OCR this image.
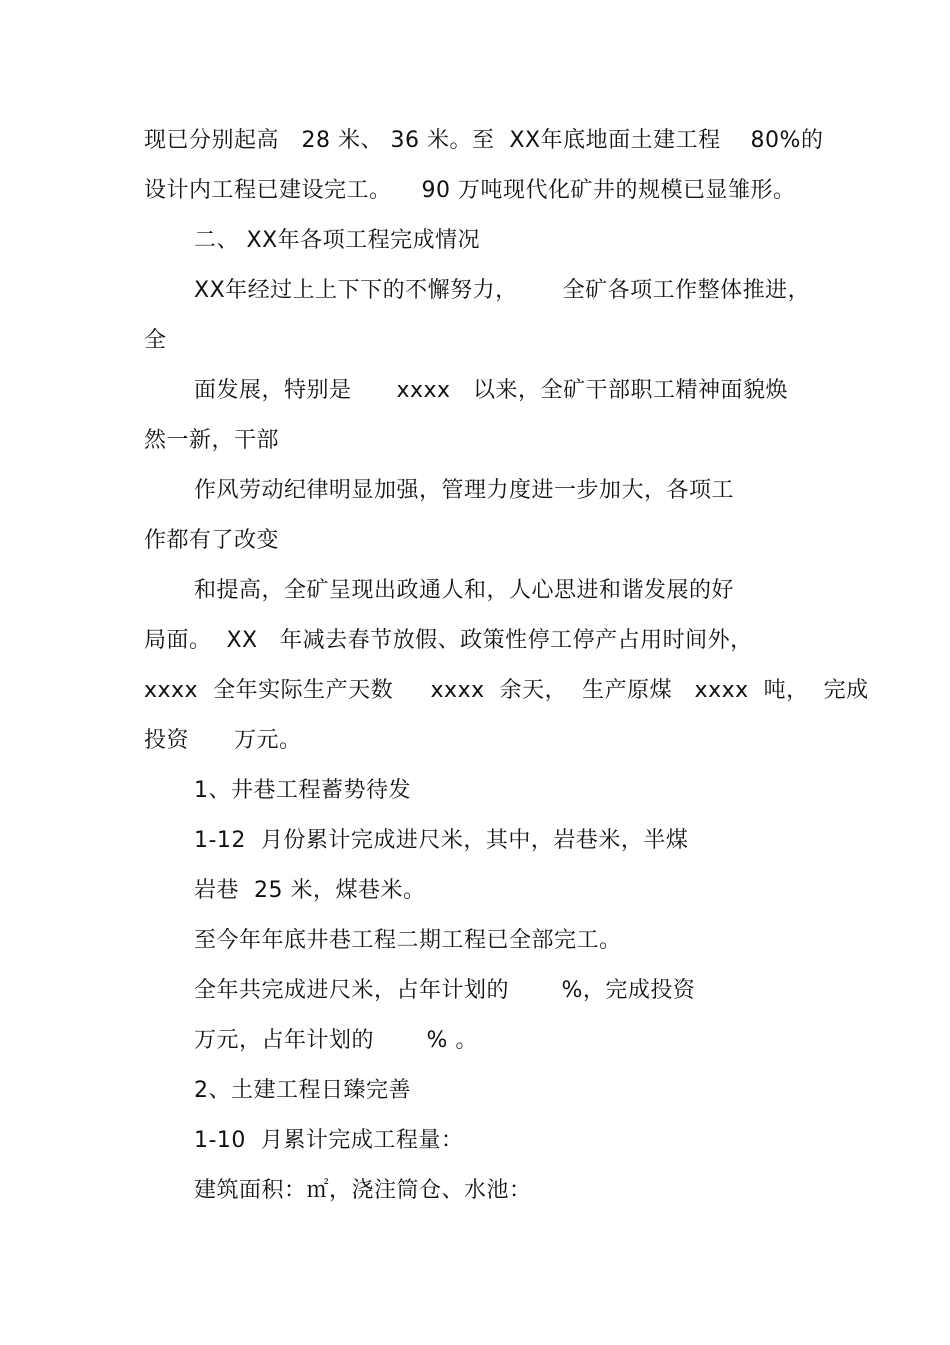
现已分别起高   28 米、 36 米。至  XX年底地面土建工程    80%的
设计内工程已建设完工。    90 万吨现代化矿井的规模已显雏形。
二、 XX年各项工程完成情况
XX年经过上上下下的不懈努力，      全矿各项工作整体推进，
全
面发展，特别是      xxxx   以来，全矿干部职工精神面貌焕
然一新，干部
作风劳动纪律明显加强，管理力度进一步加大，各项工
作都有了改变
和提高，全矿呈现出政通人和，人心思进和谐发展的好
局面。  XX   年减去春节放假、政策性停工停产占用时间外，
xxxx  全年实际生产天数     xxxx  余天，  生产原煤   xxxx  吨，  完成
投资      万元。
1、井巷工程蓄势待发
1-12  月份累计完成进尺米，其中，岩巷米，半煤
岩巷  25 米，煤巷米。
至今年年底井巷工程二期工程已全部完工。
全年共完成进尺米，占年计划的       %，完成投资
万元，占年计划的       % 。
2、土建工程日臻完善
1-10  月累计完成工程量：
建筑面积：㎡，浇注筒仓、水池：
